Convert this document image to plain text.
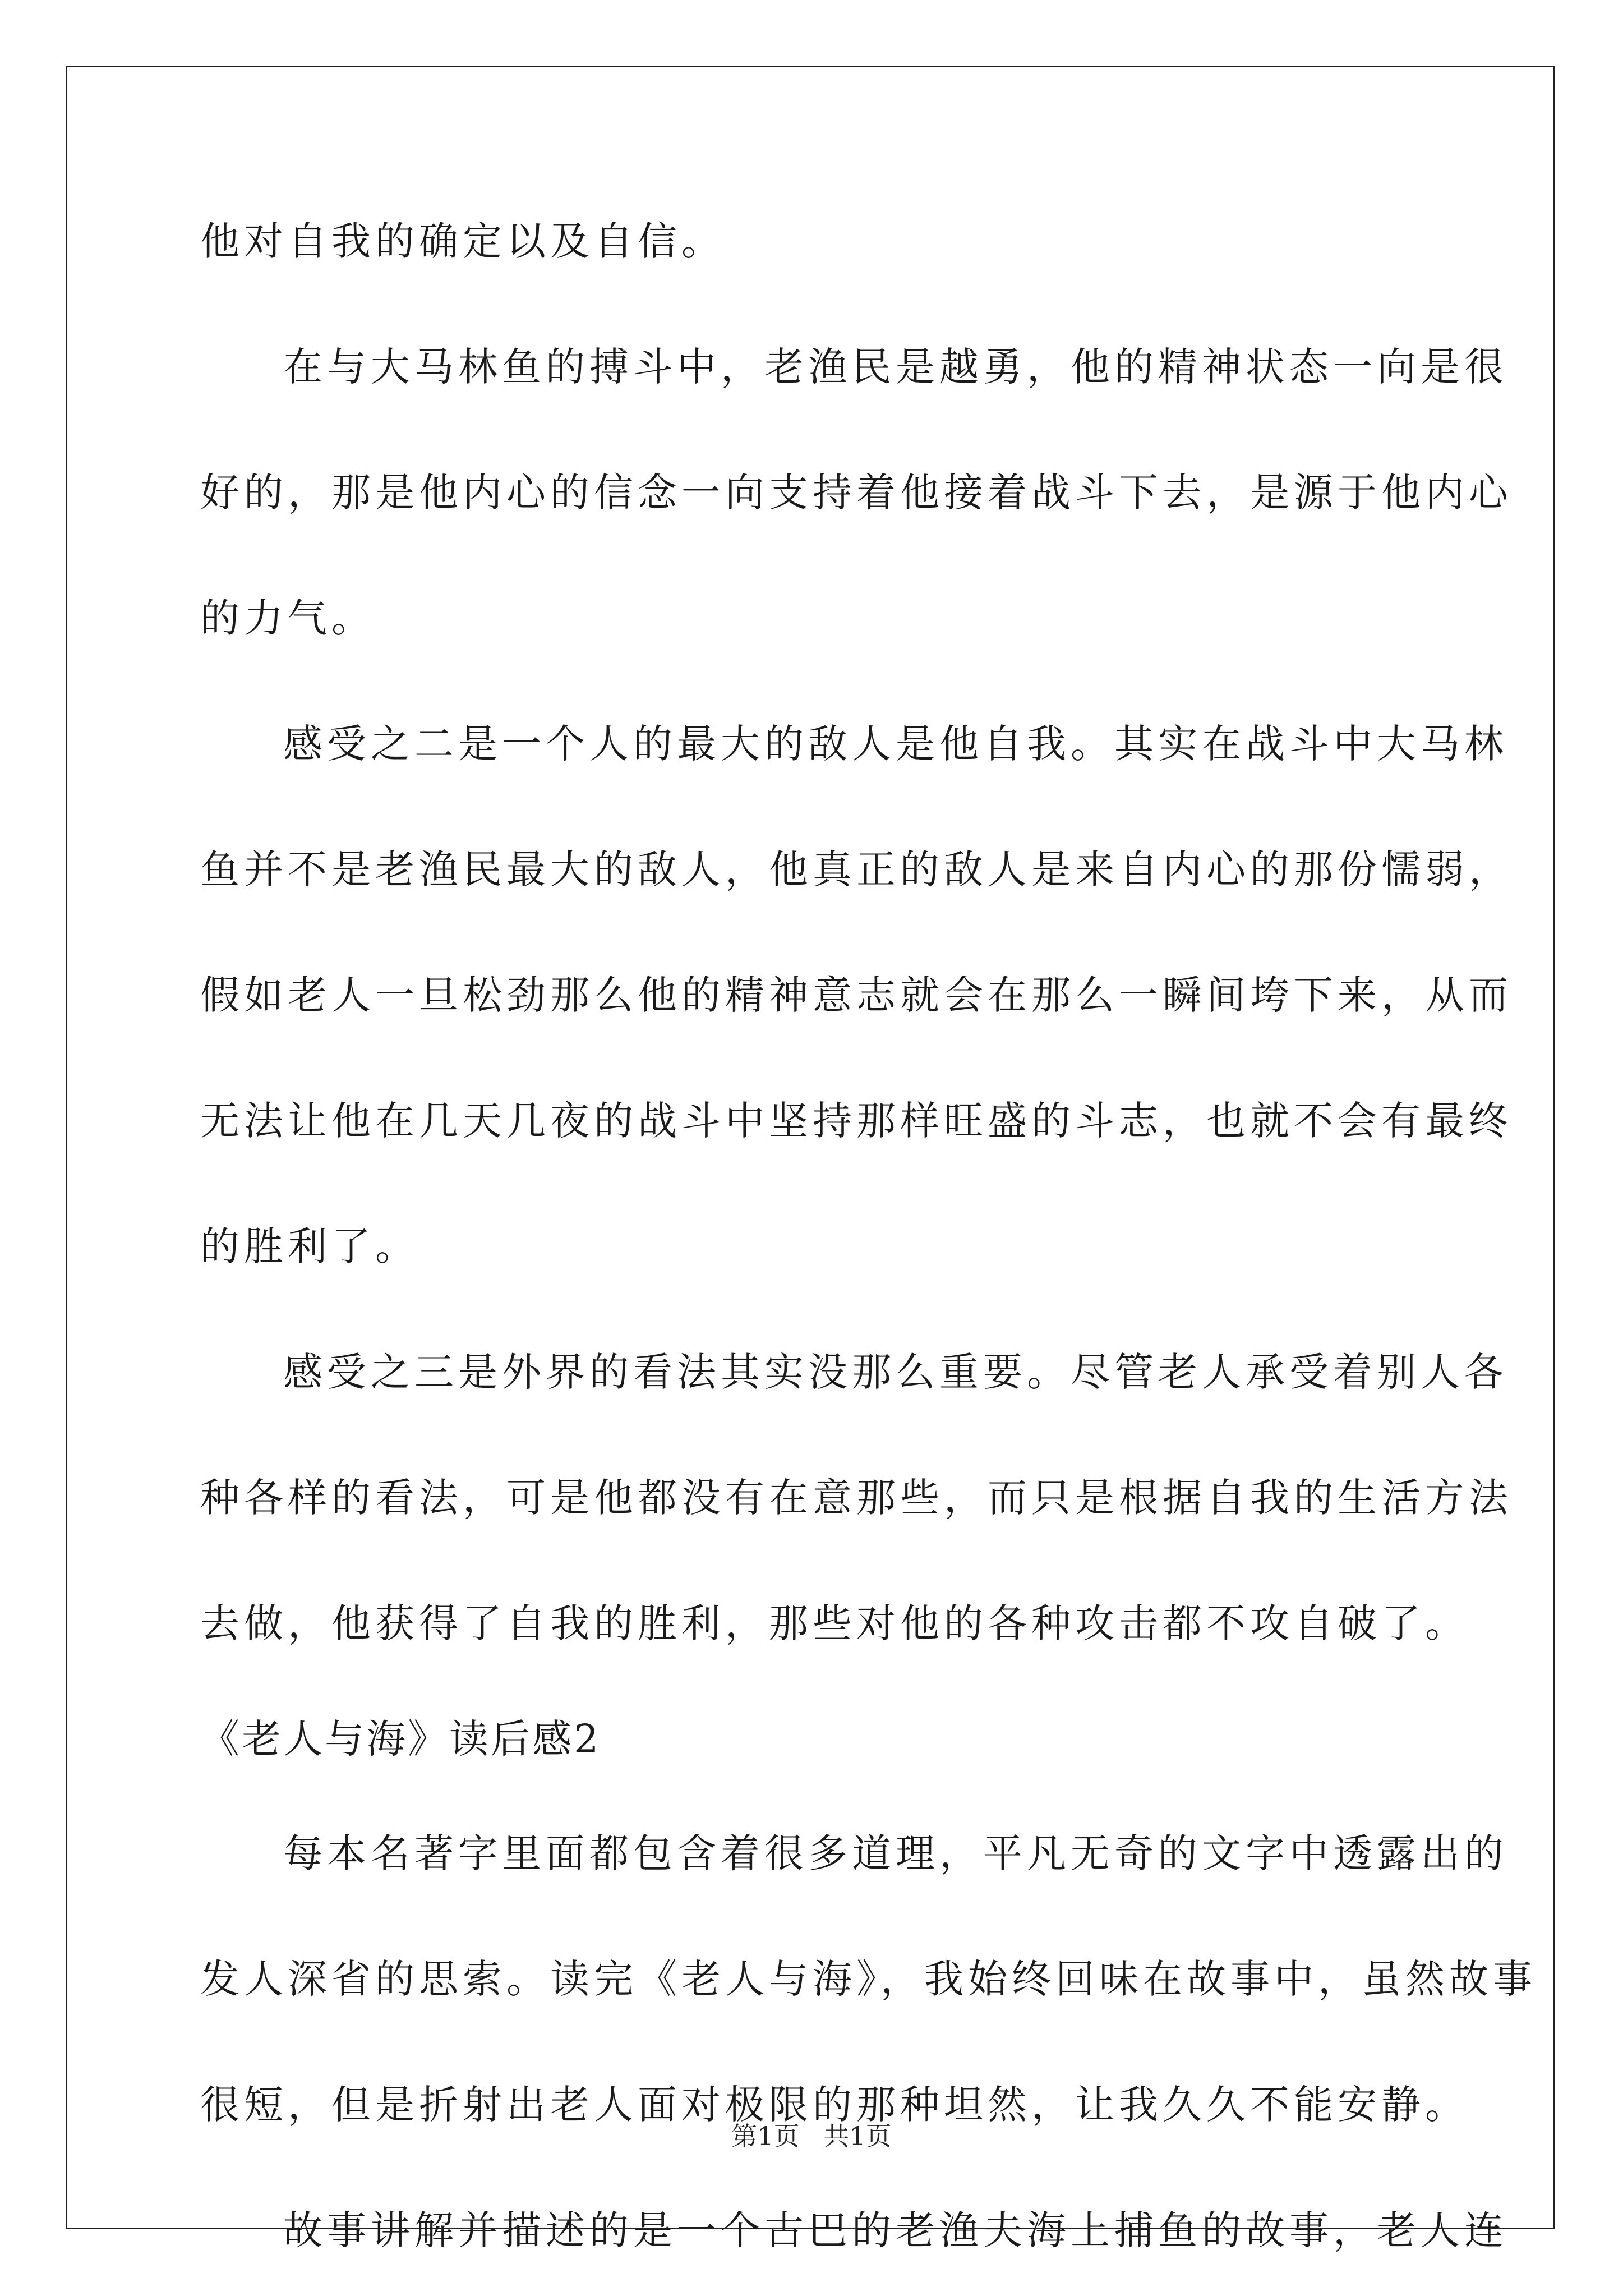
他对自我的确定以及自信。
在与大马林鱼的搏斗中，老渔民是越勇，他的精神状态一向是很
好的，那是他内心的信念一向支持着他接着战斗下去，是源于他内心
的力气。
感受之二是一个人的最大的敌人是他自我。其实在战斗中大马林
鱼并不是老渔民最大的敌人，他真正的敌人是来自内心的那份懦弱，
假如老人一旦松劲那么他的精神意志就会在那么一瞬间垮下来，从而
无法让他在几天几夜的战斗中坚持那样旺盛的斗志，也就不会有最终
的胜利了。
感受之三是外界的看法其实没那么重要。尽管老人承受着别人各
种各样的看法，可是他都没有在意那些，而只是根据自我的生活方法
去做，他获得了自我的胜利，那些对他的各种攻击都不攻自破了。
《老人与海》读后感2
每本名著字里面都包含着很多道理，平凡无奇的文字中透露出的
发人深省的思索。读完《老人与海》，我始终回味在故事中，虽然故事
很短，但是折射出老人面对极限的那种坦然，让我久久不能安静。
故事讲解并描述的是一个古巴的老渔夫海上捕鱼的故事，老人连
第1页 共1页
